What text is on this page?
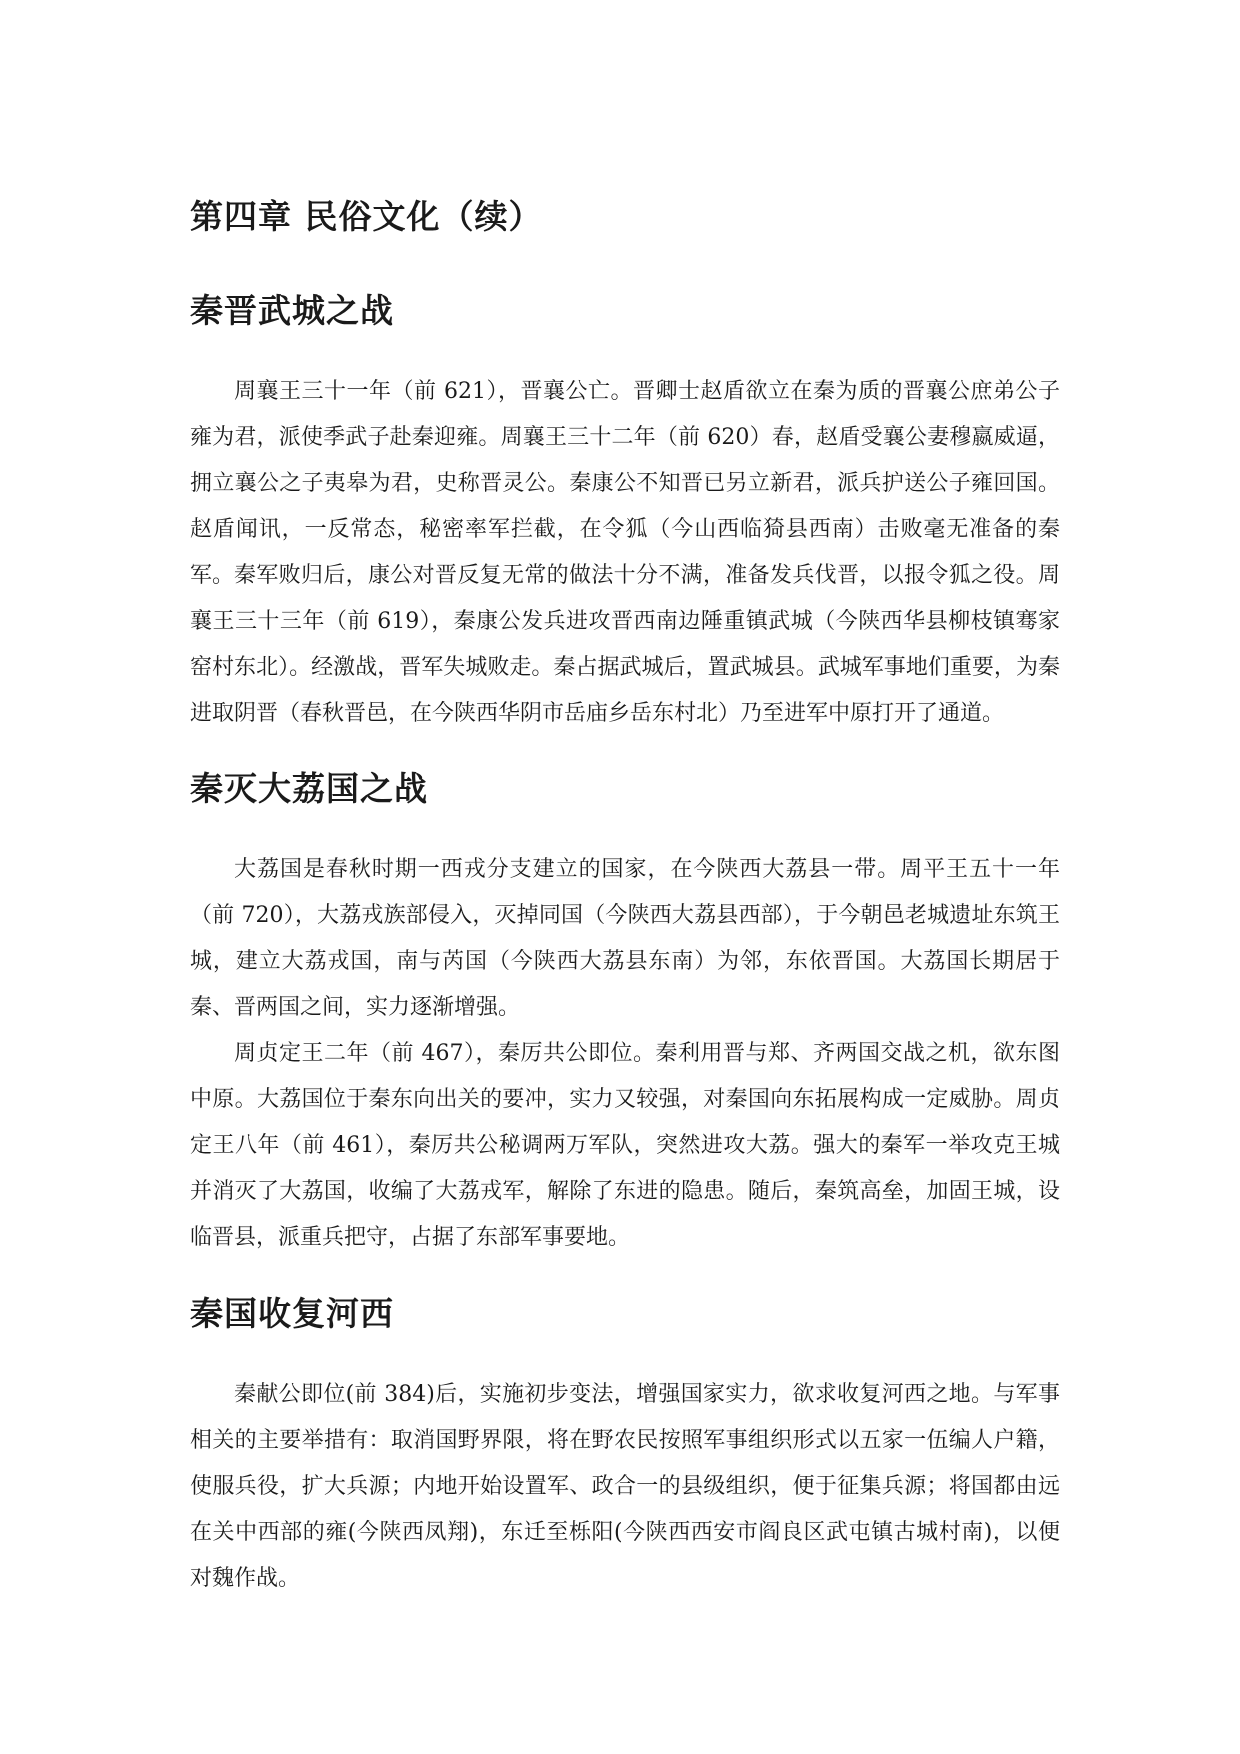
第四章 民俗文化（续）
秦晋武城之战

周襄王三十一年（前 621），晋襄公亡。晋卿士赵盾欲立在秦为质的晋襄公庶弟公子雍为君，派使季武子赴秦迎雍。周襄王三十二年（前 620）春，赵盾受襄公妻穆嬴威逼，拥立襄公之子夷皋为君，史称晋灵公。秦康公不知晋已另立新君，派兵护送公子雍回国。赵盾闻讯，一反常态，秘密率军拦截，在令狐（今山西临猗县西南）击败毫无准备的秦军。 秦军败归后，康公对晋反复无常的做法十分不满，准备发兵伐晋，以报令狐之役。周襄王三十三年（前 619），秦康公发兵进攻晋西南边陲重镇武城（今陕西华县柳枝镇骞家窑村东北）。经激战，晋军失城败走。秦占据武城后，置武城县。武城军事地们重要，为秦进取阴晋（春秋晋邑，在今陕西华阴市岳庙乡岳东村北）乃至进军中原打开了通道。

秦灭大荔国之战

大荔国是春秋时期一西戎分支建立的国家，在今陕西大荔县一带。周平王五十一年（前 720），大荔戎族部侵入，灭掉同国（今陕西大荔县西部），于今朝邑老城遗址东筑王城，建立大荔戎国，南与芮国（今陕西大荔县东南）为邻，东依晋国。大荔国长期居于秦、晋两国之间，实力逐渐增强。

周贞定王二年（前 467），秦厉共公即位。秦利用晋与郑、齐两国交战之机，欲东图中原。大荔国位于秦东向出关的要冲，实力又较强，对秦国向东拓展构成一定威胁。周贞定王八年（前 461），秦厉共公秘调两万军队，突然进攻大荔。强大的秦军一举攻克王城并消灭了大荔国，收编了大荔戎军，解除了东进的隐患。随后，秦筑高垒，加固王城，设临晋县，派重兵把守，占据了东部军事要地。

秦国收复河西

秦献公即位(前 384)后，实施初步变法，增强国家实力，欲求收复河西之地。与军事相关的主要举措有：取消国野界限，将在野农民按照军事组织形式以五家一伍编人户籍，使服兵役，扩大兵源；内地开始设置军、政合一的县级组织，便于征集兵源；将国都由远在关中西部的雍(今陕西凤翔)，东迁至栎阳(今陕西西安市阎良区武屯镇古城村南)，以便对魏作战。
